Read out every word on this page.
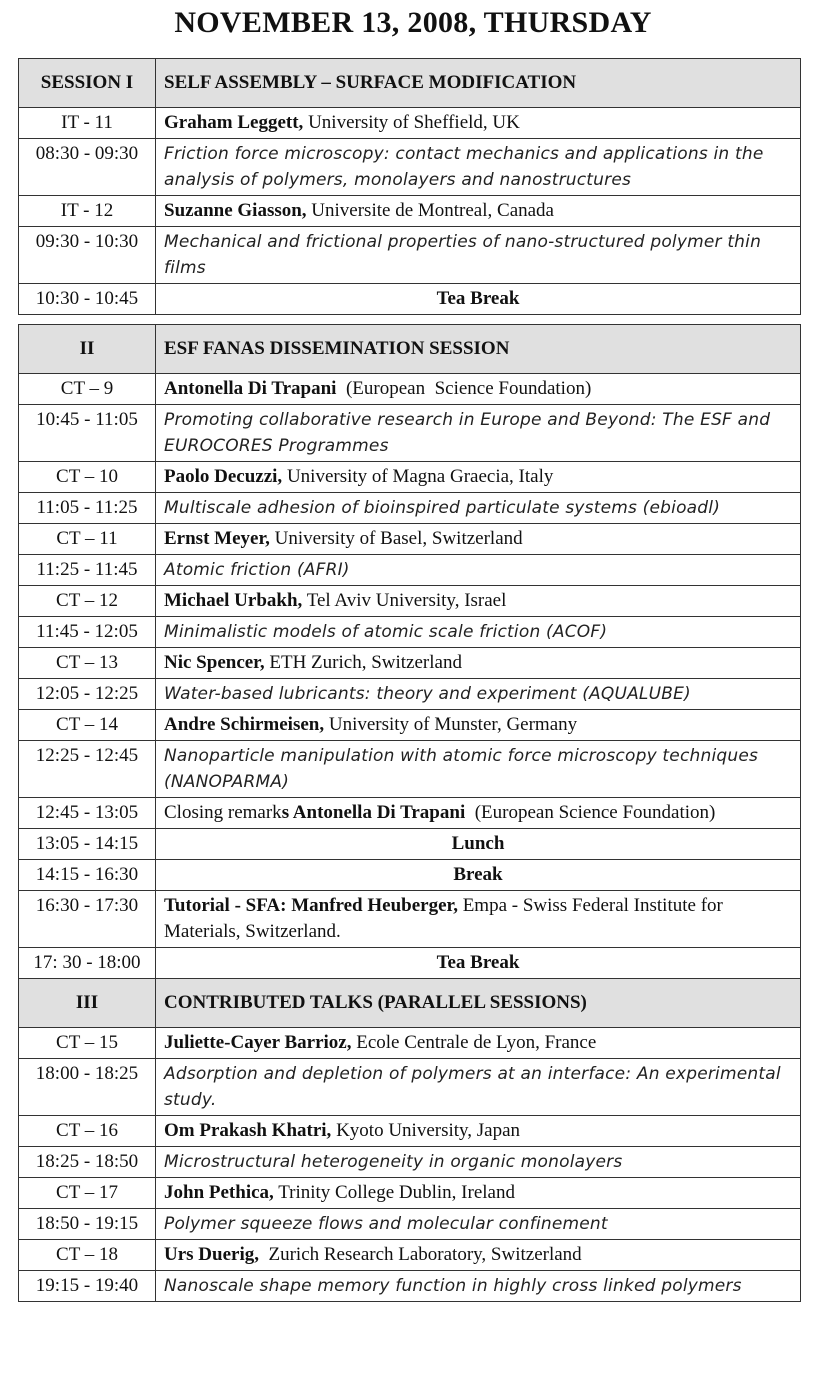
NOVEMBER 13, 2008, THURSDAY
SESSION I	SELF ASSEMBLY – SURFACE MODIFICATION
IT - 11	Graham Leggett, University of Sheffield, UK
08:30 - 09:30	Friction force microscopy: contact mechanics and applications in the analysis of polymers, monolayers and nanostructures
IT - 12	Suzanne Giasson, Universite de Montreal, Canada
09:30 - 10:30	Mechanical and frictional properties of nano-structured polymer thin films
10:30 - 10:45	Tea Break
II	ESF FANAS DISSEMINATION SESSION
CT – 9	Antonella Di Trapani  (European  Science Foundation)
10:45 - 11:05	Promoting collaborative research in Europe and Beyond: The ESF and EUROCORES Programmes
CT – 10	Paolo Decuzzi, University of Magna Graecia, Italy
11:05 - 11:25	Multiscale adhesion of bioinspired particulate systems (ebioadl)
CT – 11	Ernst Meyer, University of Basel, Switzerland
11:25 - 11:45	Atomic friction (AFRI)
CT – 12	Michael Urbakh, Tel Aviv University, Israel
11:45 - 12:05	Minimalistic models of atomic scale friction (ACOF)
CT – 13	Nic Spencer, ETH Zurich, Switzerland
12:05 - 12:25	Water-based lubricants: theory and experiment (AQUALUBE)
CT – 14	Andre Schirmeisen, University of Munster, Germany
12:25 - 12:45	Nanoparticle manipulation with atomic force microscopy techniques (NANOPARMA)
12:45 - 13:05	Closing remarks Antonella Di Trapani  (European Science Foundation)
13:05 - 14:15	Lunch
14:15 - 16:30	Break
16:30 - 17:30	Tutorial - SFA: Manfred Heuberger, Empa - Swiss Federal Institute for Materials, Switzerland.
17: 30 - 18:00	Tea Break
III	CONTRIBUTED TALKS (PARALLEL SESSIONS)
CT – 15	Juliette-Cayer Barrioz, Ecole Centrale de Lyon, France
18:00 - 18:25	Adsorption and depletion of polymers at an interface: An experimental study.
CT – 16	Om Prakash Khatri, Kyoto University, Japan
18:25 - 18:50	Microstructural heterogeneity in organic monolayers
CT – 17	John Pethica, Trinity College Dublin, Ireland
18:50 - 19:15	Polymer squeeze flows and molecular confinement
CT – 18	Urs Duerig,  Zurich Research Laboratory, Switzerland
19:15 - 19:40	Nanoscale shape memory function in highly cross linked polymers
